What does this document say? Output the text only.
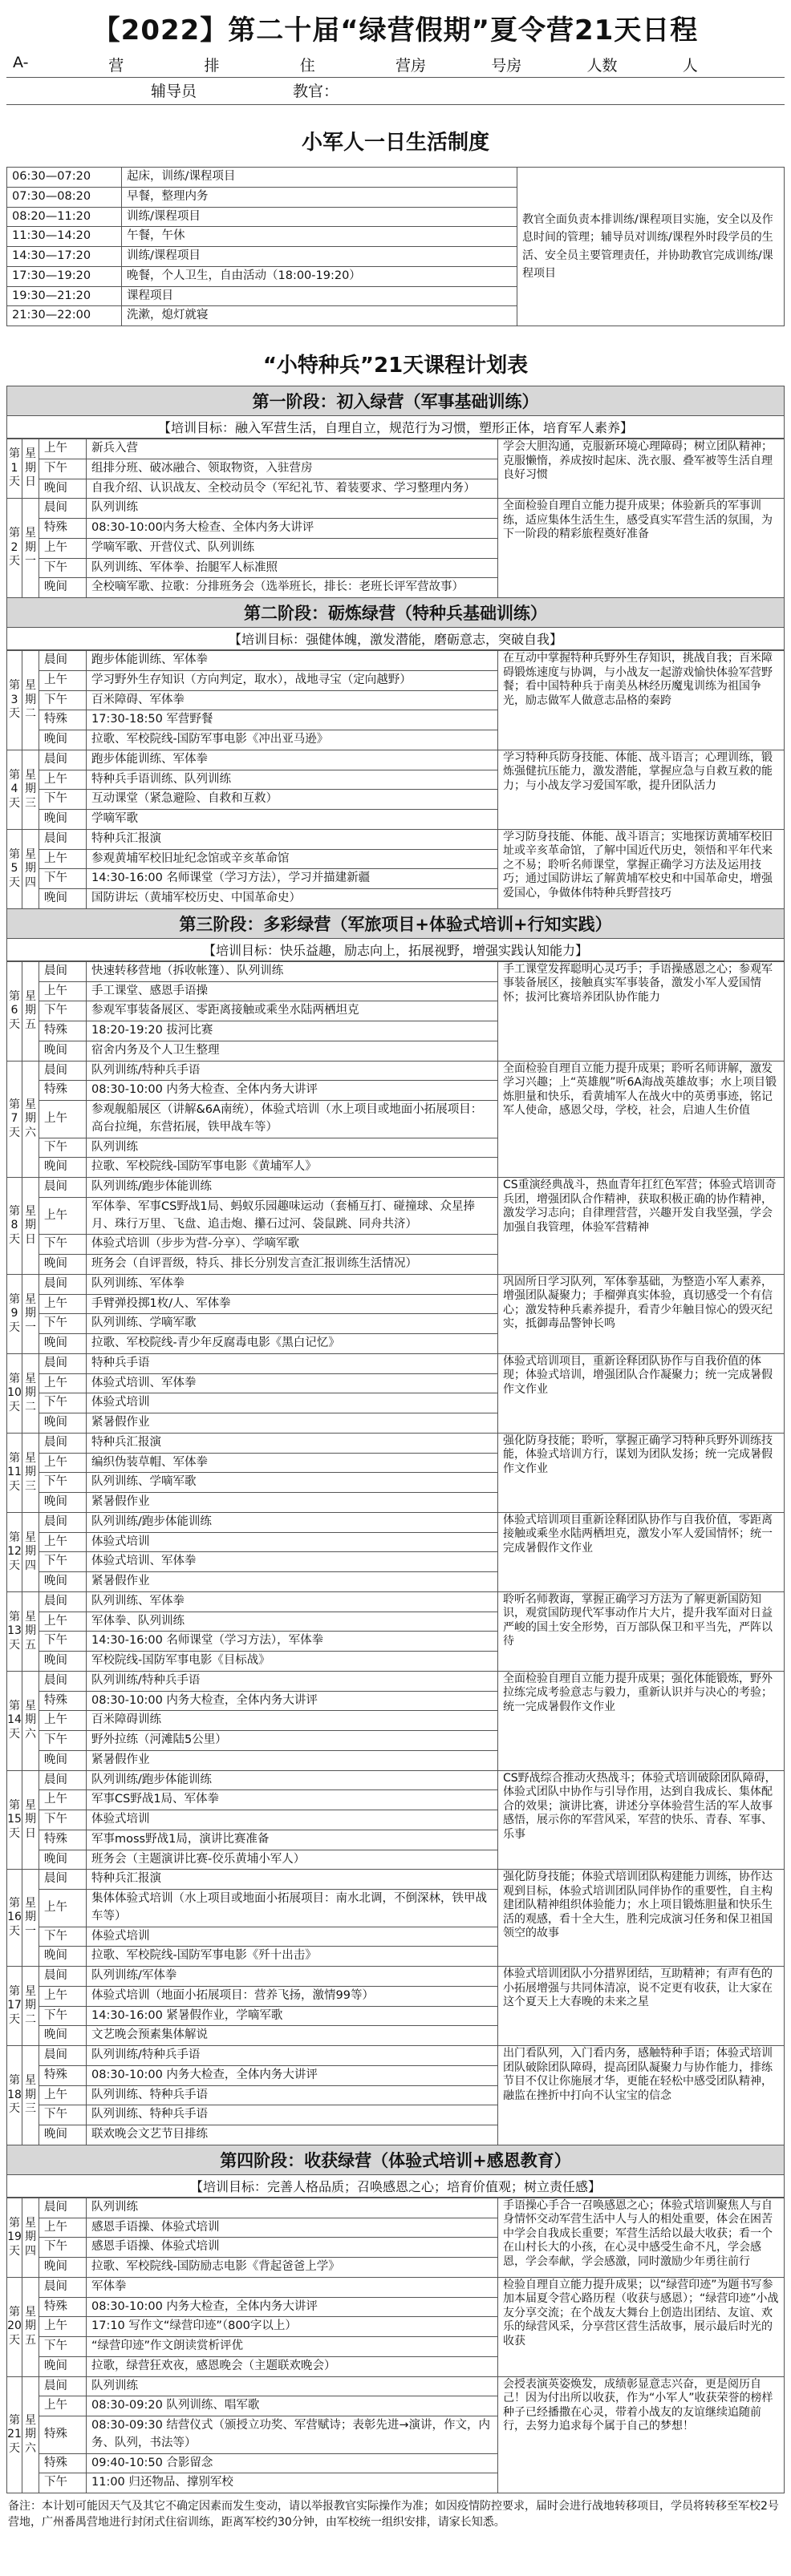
【2022】第二十届“绿营假期”夏令营21天日程
A-	营	排	住	营房	号房	人数	人
辅导员	教官：
小军人一日生活制度
06:30—07:20	起床，训练/课程项目	教官全面负责本排训练/课程项目实施，安全以及作息时间的管理；辅导员对训练/课程外时段学员的生活、安全员主要管理责任，并协助教官完成训练/课程项目
07:30—08:20	早餐，整理内务	
08:20—11:20	训练/课程项目	
11:30—14:20	午餐，午休	
14:30—17:20	训练/课程项目	
17:30—19:20	晚餐，个人卫生，自由活动（18:00-19:20）	
19:30—21:20	课程项目	
21:30—22:00	洗漱，熄灯就寝	
“小特种兵”21天课程计划表
第一阶段：初入绿营（军事基础训练）
【培训目标：融入军营生活，自理自立，规范行为习惯，塑形正体，培育军人素养】
第1天	星期日	上午	新兵入营	学会大胆沟通，克服新环境心理障碍；树立团队精神；克服懒惰，养成按时起床、洗衣服、叠军被等生活自理良好习惯
		下午	组排分班、破冰融合、领取物资，入驻营房	
		晚间	自我介绍、认识战友、全校动员令（军纪礼节、着装要求、学习整理内务）	
第2天	星期一	晨间	队列训练	全面检验自理自立能力提升成果；体验新兵的军事训练，适应集体生活生生，感受真实军营生活的氛围，为下一阶段的精彩旅程奠好准备
		特殊	08:30-10:00内务大检查、全体内务大讲评	
		上午	学嘀军歌、开营仪式、队列训练	
		下午	队列训练、军体拳、抬腿军人标准照	
		晚间	全校嘀军歌、拉歌：分排班务会（选举班长，排长：老班长评军营故事）	
第二阶段：砺炼绿营（特种兵基础训练）
【培训目标：强健体魄，激发潜能，磨砺意志，突破自我】
第3天	星期二	晨间	跑步体能训练、军体拳	在互动中掌握特种兵野外生存知识，挑战自我；百米障碍锻炼速度与协调，与小战友一起游戏愉快体验军营野餐；看中国特种兵于南美丛林经历魔鬼训练为祖国争光，励志做军人做意志品格的秦跨
		上午	学习野外生存知识（方向判定，取水），战地寻宝（定向越野）	
		下午	百米障碍、军体拳	
		特殊	17:30-18:50 军营野餐	
		晚间	拉歌、军校院线-国防军事电影《冲出亚马逊》	
第4天	星期三	晨间	跑步体能训练、军体拳	学习特种兵防身技能、体能、战斗语言；心理训练，锻炼强健抗压能力，激发潜能，掌握应急与自救互救的能力；与小战友学习爱国军歌，提升团队活力
		上午	特种兵手语训练、队列训练	
		下午	互动课堂（紧急避险、自救和互救）	
		晚间	学嘀军歌	
第5天	星期四	晨间	特种兵汇报演	学习防身技能、体能、战斗语言；实地探访黄埔军校旧址或辛亥革命馆，了解中国近代历史，领悟和平年代来之不易；聆听名师课堂，掌握正确学习方法及运用技巧；通过国防讲坛了解黄埔军校史和中国革命史，增强爱国心，争做体伟特种兵野营技巧
		上午	参观黄埔军校旧址纪念馆或辛亥革命馆	
		下午	14:30-16:00 名师课堂（学习方法），学习并描建新疆	
		晚间	国防讲坛（黄埔军校历史、中国革命史）	
第三阶段：多彩绿营（军旅项目+体验式培训+行知实践）
【培训目标：快乐益趣，励志向上，拓展视野，增强实践认知能力】
第6天	星期五	晨间	快速转移营地（拆收帐篷）、队列训练	手工课堂发挥聪明心灵巧手；手语操感恩之心；参观军事装备展区，接触真实军事装备，激发小军人爱国情怀；拔河比赛培养团队协作能力
		上午	手工课堂、感恩手语操	
		下午	参观军事装备展区、零距离接触或乘坐水陆两栖坦克	
		特殊	18:20-19:20 拔河比赛	
		晚间	宿舍内务及个人卫生整理	
第7天	星期六	晨间	队列训练/特种兵手语	全面检验自理自立能力提升成果；聆听名师讲解，激发学习兴趣；上“英雄舰”听6A海战英雄故事；水上项目锻炼胆量和快乐，看黄埔军人在战火中的英勇事迹，铭记军人使命，感恩父母，学校，社会，启迪人生价值
		特殊	08:30-10:00 内务大检查、全体内务大讲评	
		上午	参观舰船展区（讲解&6A南统），体验式培训（水上项目或地面小拓展项目：高台拉绳，东营拓展，铁甲战车等）	
		下午	队列训练	
		晚间	拉歌、军校院线-国防军事电影《黄埔军人》	
第8天	星期日	晨间	队列训练/跑步体能训练	CS重演经典战斗，热血青年扛红色军营；体验式培训奇兵团，增强团队合作精神，获取积极正确的协作精神，激发学习志向；自律理营营，兴趣开发自我坚强，学会加强自我管理，体验军营精神
		上午	军体拳、军事CS野战1局、蚂蚁乐园趣味运动（套桶互打、碰撞球、众星捧月、珠行万里、飞盘、追击炮、攥石过河、袋鼠跳、同舟共济）	
		下午	体验式培训（步步为营-分享）、学嘀军歌	
		晚间	班务会（自评晋级，特兵、排长分别发言查汇报训练生活情况）	
第9天	星期一	晨间	队列训练、军体拳	巩固所日学习队列，军体拳基础，为整造小军人素养，增强团队凝聚力；手榴弹真实体验，真切感受一个有信心；激发特种兵素养提升，看青少年触目惊心的毁灭纪实，抵御毒品警钟长鸣
		上午	手臂弹投掷1枚/人、军体拳	
		下午	队列训练、学嘀军歌	
		晚间	拉歌、军校院线-青少年反腐毒电影《黑白记忆》	
第10天	星期二	晨间	特种兵手语	体验式培训项目，重新诠释团队协作与自我价值的体现；体验式培训，增强团队合作凝聚力；统一完成暑假作文作业
		上午	体验式培训、军体拳	
		下午	体验式培训	
		晚间	紧暑假作业	
第11天	星期三	晨间	特种兵汇报演	强化防身技能；聆听，掌握正确学习特种兵野外训练技能，体验式培训方行，谋划为团队发扬；统一完成暑假作文作业
		上午	编织伪装草帽、军体拳	
		下午	队列训练、学嘀军歌	
		晚间	紧暑假作业	
第12天	星期四	晨间	队列训练/跑步体能训练	体验式培训项目重新诠释团队协作与自我价值，零距离接触或乘坐水陆两栖坦克，激发小军人爱国情怀；统一完成暑假作文作业
		上午	体验式培训	
		下午	体验式培训、军体拳	
		晚间	紧暑假作业	
第13天	星期五	晨间	队列训练、军体拳	聆听名师教诲，掌握正确学习方法为了解更新国防知识，观赏国防现代军事动作片大片，提升我军面对日益严峻的国土安全形势，百万部队保卫和平当先，严阵以待
		上午	军体拳、队列训练	
		下午	14:30-16:00 名师课堂（学习方法），军体拳	
		晚间	军校院线-国防军事电影《目标战》	
第14天	星期六	晨间	队列训练/特种兵手语	全面检验自理自立能力提升成果；强化体能锻炼，野外拉练完成考验意志与毅力，重新认识并与决心的考验；统一完成暑假作文作业
		特殊	08:30-10:00 内务大检查，全体内务大讲评	
		上午	百米障碍训练	
		下午	野外拉练（河滩陆5公里）	
		晚间	紧暑假作业	
第15天	星期日	晨间	队列训练/跑步体能训练	CS野战综合推动火热战斗；体验式培训破除团队障碍，体验式团队中协作与引导作用，达到自我成长、集体配合的效果；演讲比赛，讲述分享体验营生活的军人故事感悟，展示你的军营风采，军营的快乐、青春、军事、乐事
		上午	军事CS野战1局、军体拳	
		下午	体验式培训	
		特殊	军事moss野战1局，演讲比赛准备	
		晚间	班务会（主题演讲比赛-佼乐黄埔小军人）	
第16天	星期一	晨间	特种兵汇报演	强化防身技能；体验式培训团队构建能力训练，协作达观到目标，体验式培训团队同伴协作的重要性，自主构建团队精神组织体验能力；水上项目锻炼胆量和快乐生活的观感，看十全大生，胜利完成演习任务和保卫祖国领空的故事
		上午	集体体验式培训（水上项目或地面小拓展项目：南水北调，不倒深林，铁甲战车等）	
		下午	体验式培训	
		晚间	拉歌、军校院线-国防军事电影《歼十出击》	
第17天	星期二	晨间	队列训练/军体拳	体验式培训团队小分措界团结，互助精神；有声有色的小拓展增强与共同体清凉，说不定更有收获，让大家在这个夏天上大春晚的未来之星
		上午	体验式培训（地面小拓展项目：营养飞扬，激情99等）	
		下午	14:30-16:00 紧暑假作业，学嘀军歌	
		晚间	文艺晚会预素集体解说	
第18天	星期三	晨间	队列训练/特种兵手语	出门看队列，入门看内务，感触特种手语；体验式培训团队破除团队障碍，提高团队凝聚力与协作能力，排练节目不仅让你施展才华，更能在轻松中感受团队精神，融监在挫折中打向不认宝宝的信念
		特殊	08:30-10:00 内务大检查，全体内务大讲评	
		上午	队列训练、特种兵手语	
		下午	队列训练、特种兵手语	
		晚间	联欢晚会文艺节目排练	
第四阶段：收获绿营（体验式培训+感恩教育）
【培训目标：完善人格品质；召唤感恩之心；培育价值观；树立责任感】
第19天	星期四	晨间	队列训练	手语操心手合一召唤感恩之心；体验式培训聚焦人与自身情怀交动军营生活中人与人的相处重要，体会在困苦中学会自我成长重要；军营生活给以最大收获；看一个在山村长大的小孩，在心灵中感受生命不凡，学会感恩，学会奉献，学会感激，同时激励少年勇往前行
		上午	感恩手语操、体验式培训	
		下午	感恩手语操、体验式培训	
		晚间	拉歌、军校院线-国防励志电影《背起爸爸上学》	
第20天	星期五	晨间	军体拳	检验自理自立能力提升成果；以“绿营印迹”为题书写参加本届夏令营心路历程（收获与感恩）；“绿营印迹”小战友分享交流；在个战友大舞台上创造出团结、友谊、欢乐的绿营风采，分享营区营生活故事，展示最后时光的收获
		特殊	08:30-10:00 内务大检查，全体内务大讲评	
		上午	17:10 写作文“绿营印迹”（800字以上）	
		下午	“绿营印迹”作文朗读赏析评优	
		晚间	拉歌，绿营狂欢夜，感恩晚会（主题联欢晚会）	
第21天	星期六	晨间	队列训练	会授表演英姿焕发，成绩彰显意志兴奋，更是阅历自己！因为付出所以收获，作为“小军人”收获荣誉的榜样种子已经播撒在心灵，带着小战友的友谊继续追随前行，去努力追求每个属于自己的梦想！
		上午	08:30-09:20 队列训练、唱军歌	
		特殊	08:30-09:30 结营仪式（颁授立功奖、军营赋诗；表彰先进→演讲，作文，内务、队列，书法等）	
		特殊	09:40-10:50 合影留念	
		下午	11:00 归还物品、撑别军校	
备注：本计划可能因天气及其它不确定因素而发生变动，请以举报教官实际操作为准；如因疫情防控要求，届时会进行战地转移项目，学员将转移至军校2号营地，广州番禺营地进行封闭式住宿训练，距离军校约30分钟，由军校统一组织安排，请家长知悉。
